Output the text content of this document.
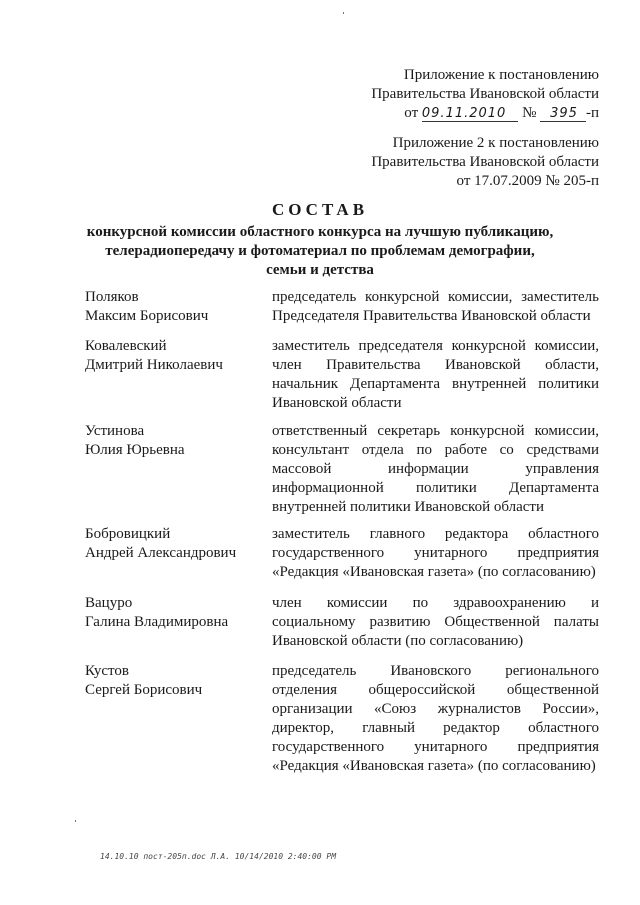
Приложение к постановлению
Правительства Ивановской области
от 09.11.2010 № 395 -п
Приложение 2 к постановлению
Правительства Ивановской области
от 17.07.2009 № 205-п
СОСТАВ
конкурсной комиссии областного конкурса на лучшую публикацию,
телерадиопередачу и фотоматериал по проблемам демографии,
семьи и детства
Поляков
Максим Борисович
председатель конкурсной комиссии, заместитель Председателя Правительства Ивановской области
Ковалевский
Дмитрий Николаевич
заместитель председателя конкурсной комиссии, член Правительства Ивановской области, начальник Департамента внутренней политики Ивановской области
Устинова
Юлия Юрьевна
ответственный секретарь конкурсной комиссии, консультант отдела по работе со средствами массовой информации управления информационной политики Департамента внутренней политики Ивановской области
Бобровицкий
Андрей Александрович
заместитель главного редактора областного государственного унитарного предприятия «Редакция «Ивановская газета» (по согласованию)
Вацуро
Галина Владимировна
член комиссии по здравоохранению и социальному развитию Общественной палаты Ивановской области (по согласованию)
Кустов
Сергей Борисович
председатель Ивановского регионального отделения общероссийской общественной организации «Союз журналистов России», директор, главный редактор областного государственного унитарного предприятия «Редакция «Ивановская газета» (по согласованию)
14.10.10 пост-205п.doc Л.А. 10/14/2010 2:40:00 PM
